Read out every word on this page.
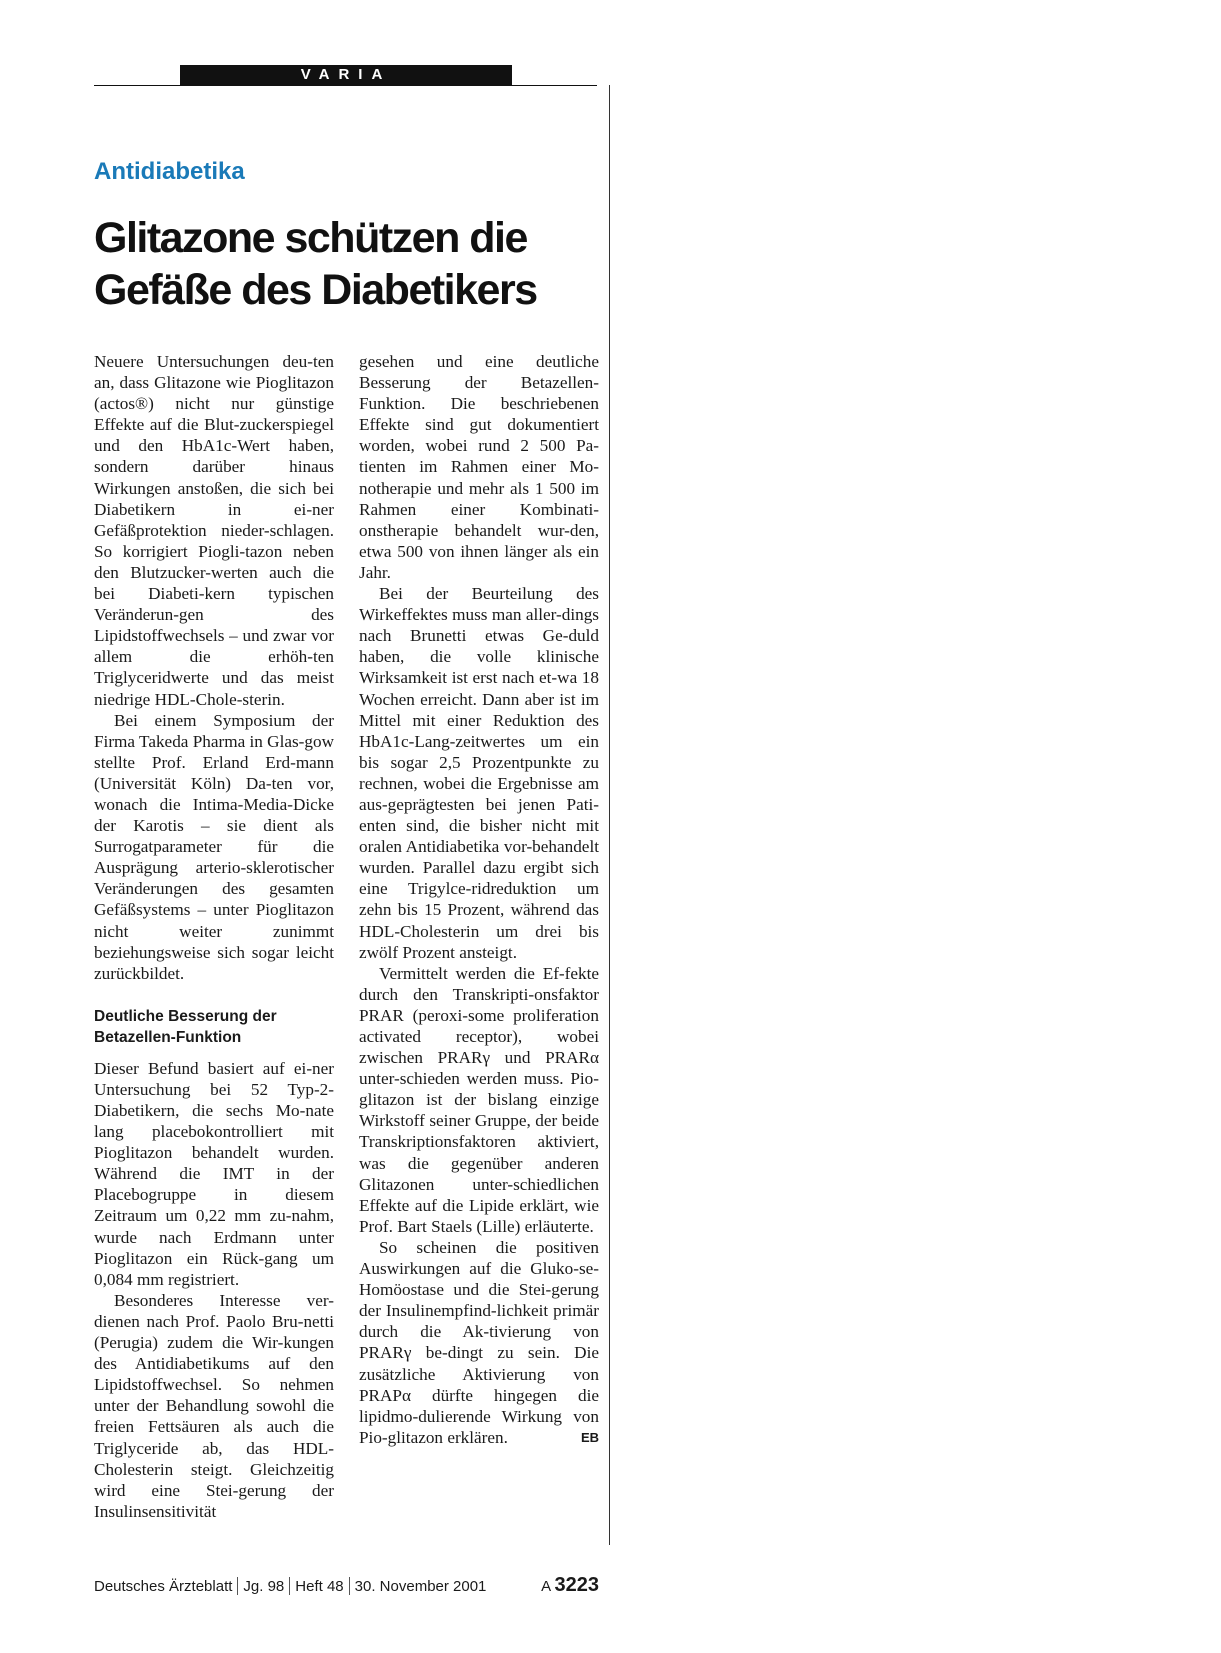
VARIA
Antidiabetika
Glitazone schützen die
Gefäße des Diabetikers

Neuere Untersuchungen deu-ten an, dass Glitazone wie Pioglitazon (actos®) nicht nur günstige Effekte auf die Blut-zuckerspiegel und den HbA1c-Wert haben, sondern darüber hinaus Wirkungen anstoßen, die sich bei Diabetikern in ei-ner Gefäßprotektion nieder-schlagen. So korrigiert Piogli-tazon neben den Blutzucker-werten auch die bei Diabeti-kern typischen Veränderun-gen des Lipidstoffwechsels – und zwar vor allem die erhöh-ten Triglyceridwerte und das meist niedrige HDL-Chole-sterin.

Bei einem Symposium der Firma Takeda Pharma in Glas-gow stellte Prof. Erland Erd-mann (Universität Köln) Da-ten vor, wonach die Intima-Media-Dicke der Karotis – sie dient als Surrogatparameter für die Ausprägung arterio-sklerotischer Veränderungen des gesamten Gefäßsystems – unter Pioglitazon nicht weiter zunimmt beziehungsweise sich sogar leicht zurückbildet.

Deutliche Besserung der Betazellen-Funktion

Dieser Befund basiert auf ei-ner Untersuchung bei 52 Typ-2-Diabetikern, die sechs Mo-nate lang placebokontrolliert mit Pioglitazon behandelt wurden. Während die IMT in der Placebogruppe in diesem Zeitraum um 0,22 mm zu-nahm, wurde nach Erdmann unter Pioglitazon ein Rück-gang um 0,084 mm registriert.

Besonderes Interesse ver-dienen nach Prof. Paolo Bru-netti (Perugia) zudem die Wir-kungen des Antidiabetikums auf den Lipidstoffwechsel. So nehmen unter der Behandlung sowohl die freien Fettsäuren als auch die Triglyceride ab, das HDL-Cholesterin steigt. Gleichzeitig wird eine Stei-gerung der Insulinsensitivität

gesehen und eine deutliche Besserung der Betazellen-Funktion. Die beschriebenen Effekte sind gut dokumentiert worden, wobei rund 2 500 Pa-tienten im Rahmen einer Mo-notherapie und mehr als 1 500 im Rahmen einer Kombinati-onstherapie behandelt wur-den, etwa 500 von ihnen länger als ein Jahr.

Bei der Beurteilung des Wirkeffektes muss man aller-dings nach Brunetti etwas Ge-duld haben, die volle klinische Wirksamkeit ist erst nach et-wa 18 Wochen erreicht. Dann aber ist im Mittel mit einer Reduktion des HbA1c-Lang-zeitwertes um ein bis sogar 2,5 Prozentpunkte zu rechnen, wobei die Ergebnisse am aus-geprägtesten bei jenen Pati-enten sind, die bisher nicht mit oralen Antidiabetika vor-behandelt wurden. Parallel dazu ergibt sich eine Trigylce-ridreduktion um zehn bis 15 Prozent, während das HDL-Cholesterin um drei bis zwölf Prozent ansteigt.

Vermittelt werden die Ef-fekte durch den Transkripti-onsfaktor PRAR (peroxi-some proliferation activated receptor), wobei zwischen PRARγ und PRARα unter-schieden werden muss. Pio-glitazon ist der bislang einzige Wirkstoff seiner Gruppe, der beide Transkriptionsfaktoren aktiviert, was die gegenüber anderen Glitazonen unter-schiedlichen Effekte auf die Lipide erklärt, wie Prof. Bart Staels (Lille) erläuterte.

So scheinen die positiven Auswirkungen auf die Gluko-se-Homöostase und die Stei-gerung der Insulinempfind-lichkeit primär durch die Ak-tivierung von PRARγ be-dingt zu sein. Die zusätzliche Aktivierung von PRAPα dürfte hingegen die lipidmo-dulierende Wirkung von Pio-glitazon erklären.	EB

Deutsches Ärzteblatt Jg. 98 Heft 48 30. November 2001	A 3223
